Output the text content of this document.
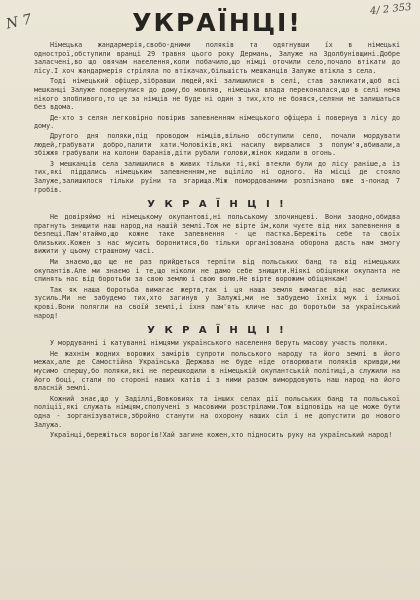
N 7
4/ 2 353
УКРАЇНЦІ!

Німецька жандармерія,свобо-дними поляків та одягнувши їх в німецькі однострої,обступили вранці 29 травня цього року Дермань, Залуже на Здолбунівщині.Добре заласчені,во що овячам наєелення,коли побачило,що німці оточили село,почало втікати до лісу.І хоч жандармерія стріляла по втікачах,більшість мешканців Залуже втікла з села.

Тоді німецький офіцер,зібравши людей,які залишилися в селі, став закликати,щоб всі мешканці Залуже повернулися до дому,бо мовляв, німецька влада переконалася,що в селі нема нікого злобливого,то це за німців не буде ні один з тих,хто не боявся,селяни не залишаться без вдома.

Де-хто з селян легковірно повірив запевненням німецького офіцера і повернув з лісу до дому.

Другого дня поляки,під проводом німців,вільно обступили село, почали мордувати людей,грабувати добро,палити хати.Чоловіків,які насилу вирвалися з полум'я,вбивали,а збіжжя грабували на колони баранів,діти рубали голови,жінок кидали в огонь.

З мешканців села залишилися в живих тільки ті,які втекли були до лісу раніше,а із тих,які піддались німецьким запевненням,не вціліло ні одного. На місці де стояло Залуже,залишилося тільки руїни та згарища.Між помордованими розпізнано вже з-понад 7 гробів.

У К Р А Ї Н Ц І !

Не довіряймо ні німецькому окупантові,ні польському злочинцеві. Вони заодно,обидва прагнуть знищити наш народ,на нашій землі.Тож не вірте їм,коли чуєте від них запевнення в безпеці.Пам'ятаймо,що кожне таке запевнення - це пастка.Бережіть себе та своїх близьких.Кожен з нас мусить боронитися,бо тільки організована оборона дасть нам змогу вижити у цьому страшному часі.

Ми знаємо,що ще не раз прийдеться терпіти від польських банд та від німецьких окупантів.Але ми знаємо і те,що ніколи не дамо себе знищити.Ніякі обіцянки окупанта не спинять нас від боротьби за свою землю і свою волю.Не вірте ворожим обіцянкам!

Так як наша боротьба вимагає жертв,так і ця наша земля вимагає від нас великих зусиль.Ми не забудемо тих,хто загинув у Залужі,ми не забудемо їхніх мук і їхньої крові.Вони полягли на своїй землі,і їхня пам'ять кличе нас до боротьби за український народ!

У К Р А Ї Н Ц І !

У мордуванні і катуванні німцями українського населення беруть масову участь поляки.

Не жахнім жодних ворожих замірів супроти польського народу та його землі в його межах,але де Самостійна Українська Держава не буде ніде отворювати поляків кривди,ми мусимо спершу,бо поляки,які не перешкодили в німецькій окупантській політиці,а служили на його боці, стали по стороні наших катів і з ними разом вимордовують наш народ на його власній землі.

Кожний знає,що у Заділлі,Вовковиях та інших селах дії польських банд та польської поліції,які служать німцям,сполучені з масовими розстрілами.Тож відповідь на це може бути одна - зорганізуватися,збройно станути на охорону наших сіл і не допустити до нового Залужа.

Українці,бережіться ворогів!Хай загине кожен,хто підносить руку на український народ!
